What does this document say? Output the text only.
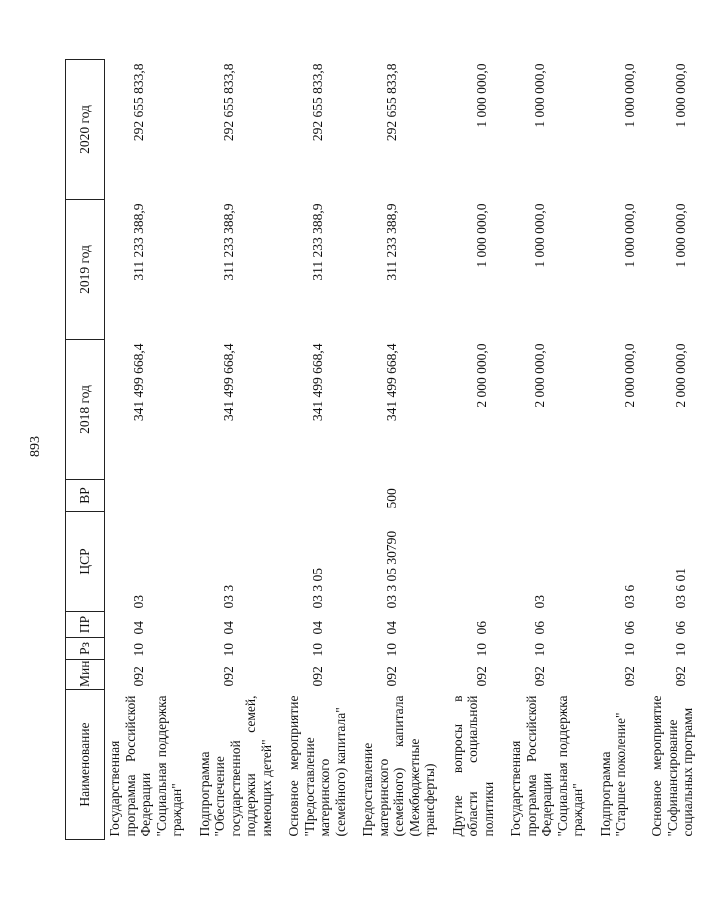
893
Наименование	Мин	Рз	ПР	ЦСР	ВР	2018 год	2019 год	2020 год
Государственная программа Российской Федерации "Социальная поддержка граждан"	092	10	04	03		341 499 668,4	311 233 388,9	292 655 833,8
Подпрограмма "Обеспечение государственной поддержки семей, имеющих детей"	092	10	04	03 3		341 499 668,4	311 233 388,9	292 655 833,8
Основное мероприятие "Предоставление материнского (семейного) капитала"	092	10	04	03 3 05		341 499 668,4	311 233 388,9	292 655 833,8
Предоставление материнского (семейного) капитала (Межбюджетные трансферты)	092	10	04	03 3 05 30790	500	341 499 668,4	311 233 388,9	292 655 833,8
Другие вопросы в области социальной политики	092	10	06			2 000 000,0	1 000 000,0	1 000 000,0
Государственная программа Российской Федерации "Социальная поддержка граждан"	092	10	06	03		2 000 000,0	1 000 000,0	1 000 000,0
Подпрограмма "Старшее поколение"	092	10	06	03 6		2 000 000,0	1 000 000,0	1 000 000,0
Основное мероприятие "Софинансирование социальных программ	092	10	06	03 6 01		2 000 000,0	1 000 000,0	1 000 000,0
